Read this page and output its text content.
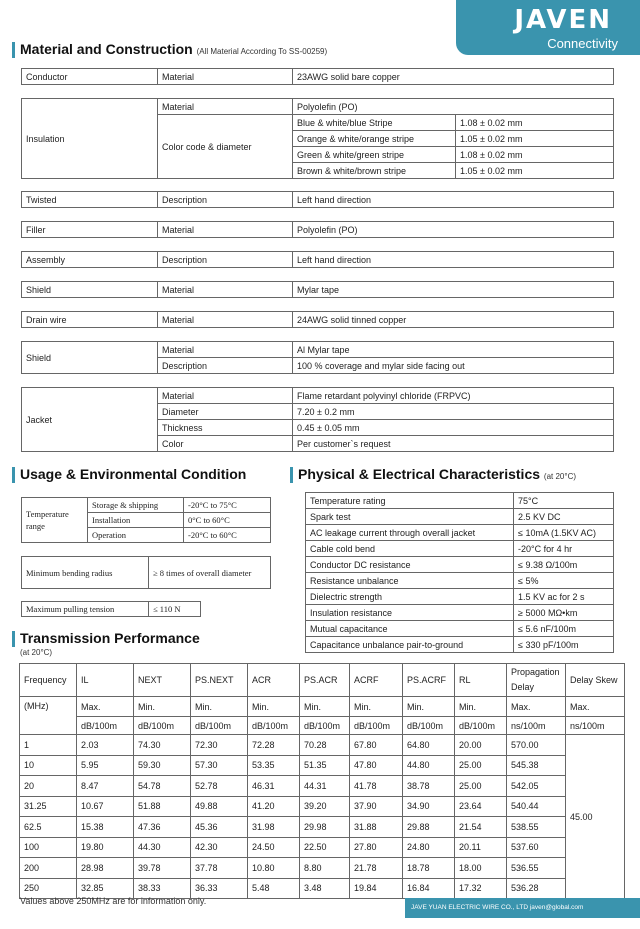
JAVEN
Connectivity
Material and Construction (All Material According To SS-00259)
Conductor	Material	23AWG solid bare copper
Insulation	Material	Polyolefin (PO)	
	Color code & diameter	Blue & white/blue Stripe	1.08 ± 0.02 mm
		Orange & white/orange stripe	1.05 ± 0.02 mm
		Green & white/green stripe	1.08 ± 0.02 mm
		Brown & white/brown stripe	1.05 ± 0.02 mm
Twisted	Description	Left hand direction
Filler	Material	Polyolefin (PO)
Assembly	Description	Left hand direction
Shield	Material	Mylar tape
Drain wire	Material	24AWG solid tinned copper
Shield	Material	Al Mylar tape
	Description	100 % coverage and mylar side facing out
Jacket	Material	Flame retardant polyvinyl chloride (FRPVC)
	Diameter	7.20 ± 0.2 mm
	Thickness	0.45 ± 0.05 mm
	Color	Per customer`s request
Usage & Environmental Condition
Temperature range	Storage & shipping	-20°C to 75°C
	Installation	0°C to 60°C
	Operation	-20°C to 60°C
Minimum bending radius	≥ 8 times of overall diameter
Maximum pulling tension	≤ 110 N
Physical & Electrical Characteristics (at 20°C)
Temperature rating	75°C
Spark test	2.5 KV DC
AC leakage current through overall jacket	≤ 10mA (1.5KV AC)
Cable cold bend	-20°C for 4 hr
Conductor DC resistance	≤ 9.38 Ω/100m
Resistance unbalance	≤ 5%
Dielectric strength	1.5 KV ac for 2 s
Insulation resistance	≥ 5000 MΩ•km
Mutual capacitance	≤ 5.6 nF/100m
Capacitance unbalance pair-to-ground	≤ 330 pF/100m
Transmission Performance
(at 20°C)
Frequency	IL	NEXT	PS.NEXT	ACR	PS.ACR	ACRF	PS.ACRF	RL	Propagation Delay	Delay Skew
(MHz)	Max.	Min.	Min.	Min.	Min.	Min.	Min.	Min.	Max.	Max.
	dB/100m	dB/100m	dB/100m	dB/100m	dB/100m	dB/100m	dB/100m	dB/100m	ns/100m	ns/100m
1	2.03	74.30	72.30	72.28	70.28	67.80	64.80	20.00	570.00	45.00
10	5.95	59.30	57.30	53.35	51.35	47.80	44.80	25.00	545.38	
20	8.47	54.78	52.78	46.31	44.31	41.78	38.78	25.00	542.05	
31.25	10.67	51.88	49.88	41.20	39.20	37.90	34.90	23.64	540.44	
62.5	15.38	47.36	45.36	31.98	29.98	31.88	29.88	21.54	538.55	
100	19.80	44.30	42.30	24.50	22.50	27.80	24.80	20.11	537.60	
200	28.98	39.78	37.78	10.80	8.80	21.78	18.78	18.00	536.55	
250	32.85	38.33	36.33	5.48	3.48	19.84	16.84	17.32	536.28	
Values above 250MHz are for information only.
JAVE YUAN ELECTRIC WIRE CO., LTD javen@global.com
